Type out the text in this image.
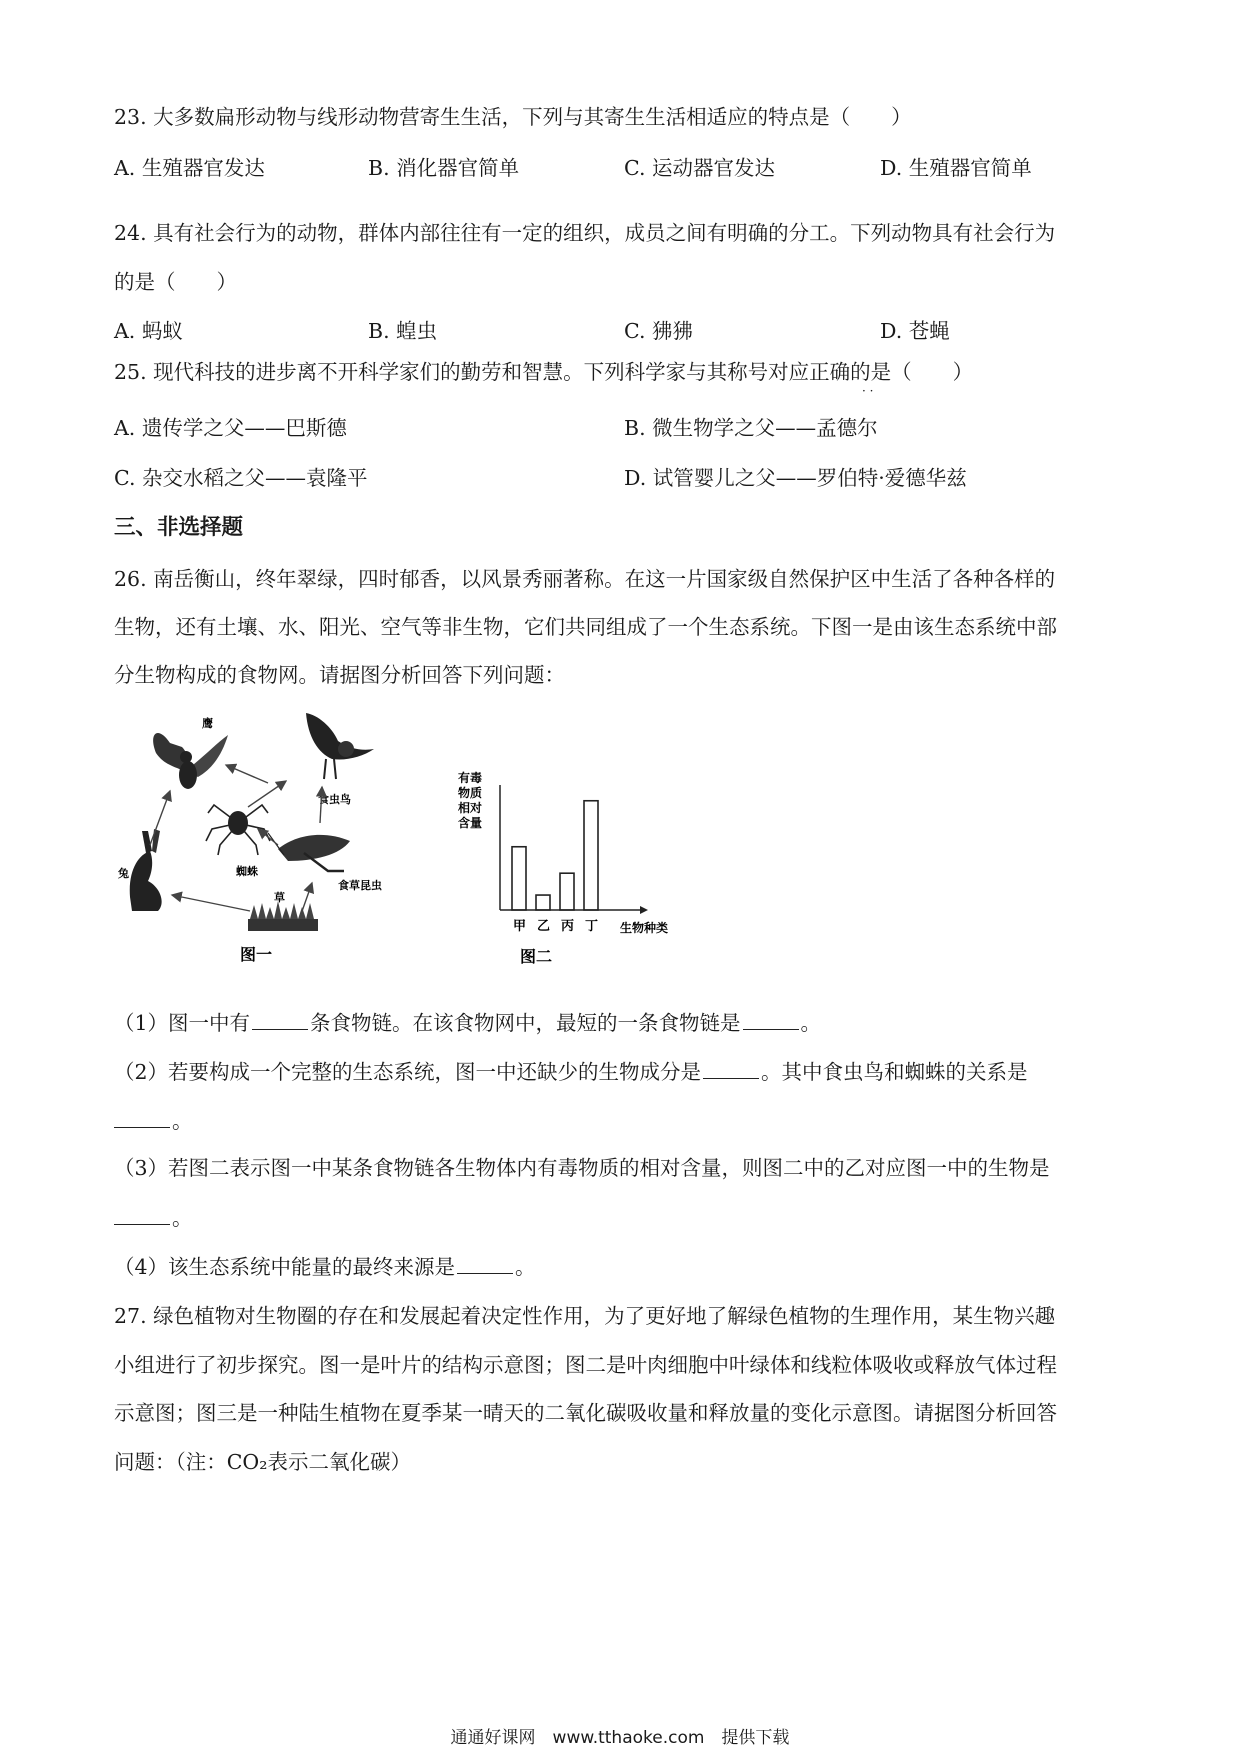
23. 大多数扁形动物与线形动物营寄生生活，下列与其寄生生活相适应的特点是（　　）
A. 生殖器官发达	B. 消化器官简单	C. 运动器官发达	D. 生殖器官简单
24. 具有社会行为的动物，群体内部往往有一定的组织，成员之间有明确的分工。下列动物具有社会行为
的是（　　）
A. 蚂蚁	B. 蝗虫	C. 狒狒	D. 苍蝇
25. 现代科技的进步离不开科学家们的勤劳和智慧。下列科学家与其称号对应正确的是（　　）
· ·
A. 遗传学之父——巴斯德	B. 微生物学之父——孟德尔
C. 杂交水稻之父——袁隆平	D. 试管婴儿之父——罗伯特·爱德华兹
三、非选择题
26. 南岳衡山，终年翠绿，四时郁香，以风景秀丽著称。在这一片国家级自然保护区中生活了各种各样的
生物，还有土壤、水、阳光、空气等非生物，它们共同组成了一个生态系统。下图一是由该生态系统中部
分生物构成的食物网。请据图分析回答下列问题：
鹰
食虫鸟
蜘蛛
食草昆虫
兔
草
图一
有毒
物质
相对
含量
甲 乙 丙 丁 生物种类
图二
（1）图一中有	条食物链。在该食物网中，最短的一条食物链是	。
（2）若要构成一个完整的生态系统，图一中还缺少的生物成分是	。其中食虫鸟和蜘蛛的关系是
。
（3）若图二表示图一中某条食物链各生物体内有毒物质的相对含量，则图二中的乙对应图一中的生物是
。
（4）该生态系统中能量的最终来源是	。
27. 绿色植物对生物圈的存在和发展起着决定性作用，为了更好地了解绿色植物的生理作用，某生物兴趣
小组进行了初步探究。图一是叶片的结构示意图；图二是叶肉细胞中叶绿体和线粒体吸收或释放气体过程
示意图；图三是一种陆生植物在夏季某一晴天的二氧化碳吸收量和释放量的变化示意图。请据图分析回答
问题：（注：CO₂表示二氧化碳）
通通好课网　www.tthaoke.com　提供下载
